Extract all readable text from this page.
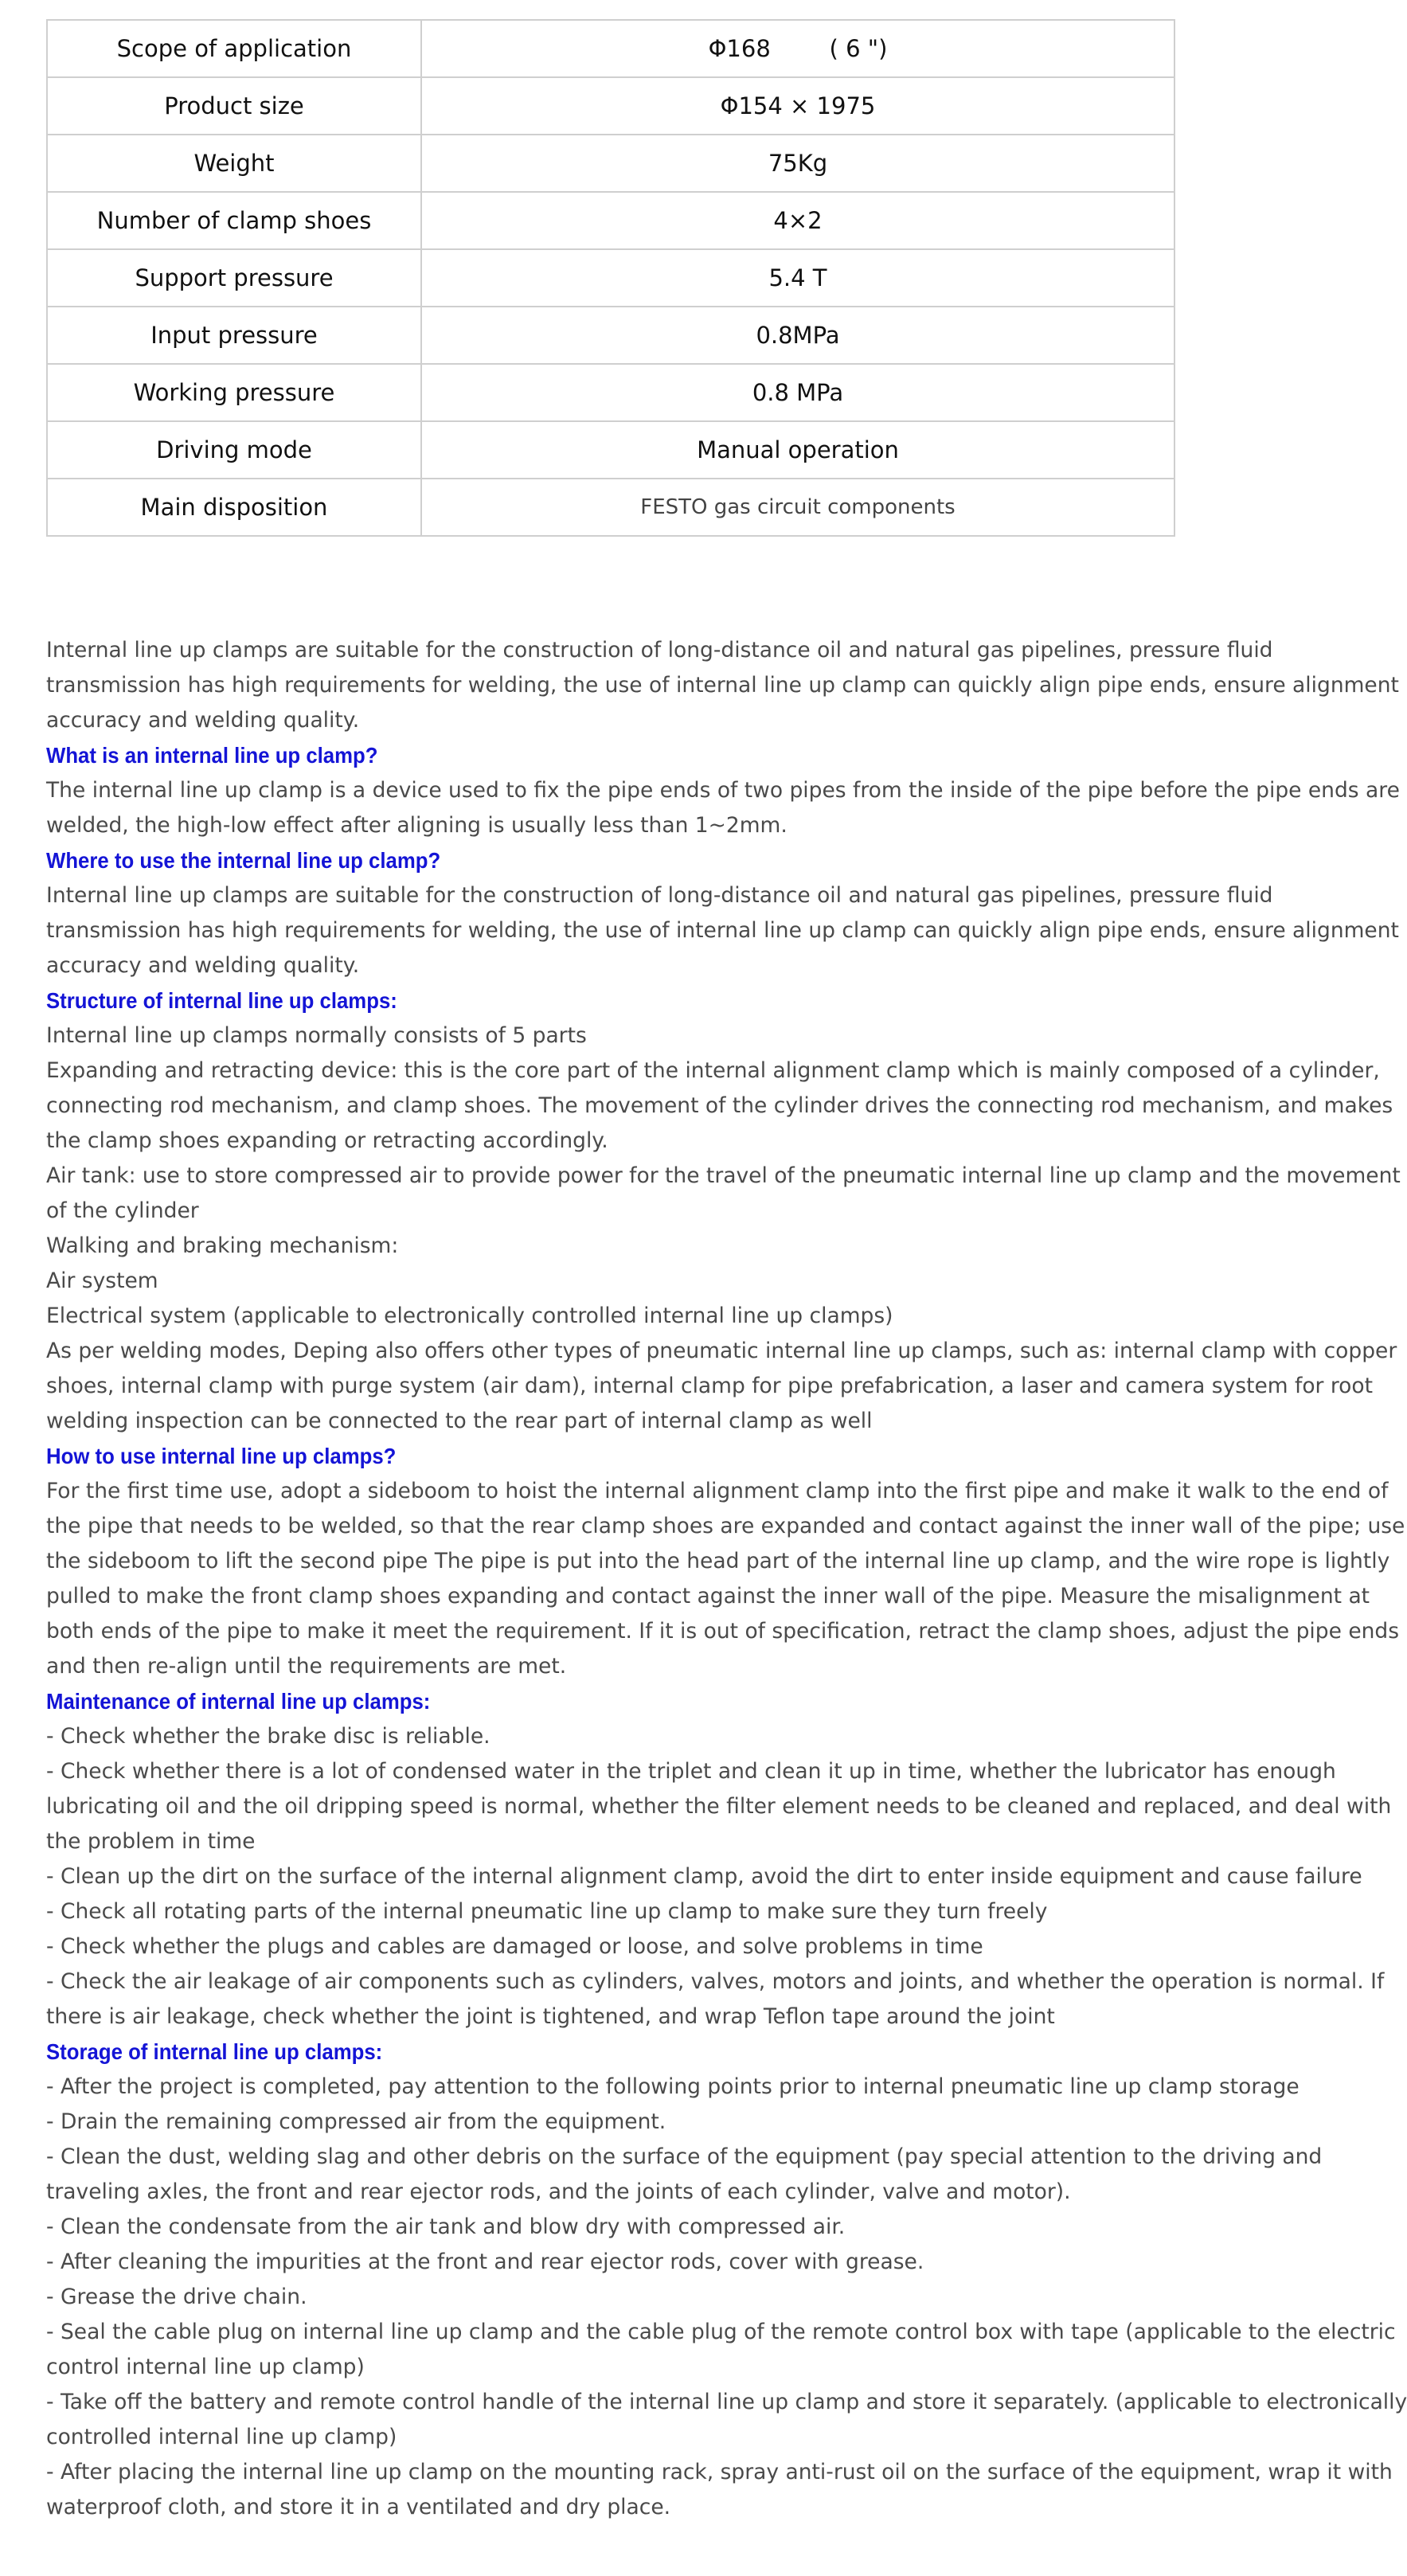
Scope of application	Φ168        ( 6 ")
Product size	Φ154 × 1975
Weight	75Kg
Number of clamp shoes	4×2
Support pressure	5.4 T
Input pressure	0.8MPa
Working pressure	0.8 MPa
Driving mode	Manual operation
Main disposition	FESTO gas circuit components

Internal line up clamps are suitable for the construction of long-distance oil and natural gas pipelines, pressure fluid

transmission has high requirements for welding, the use of internal line up clamp can quickly align pipe ends, ensure alignment

accuracy and welding quality.

What is an internal line up clamp?

The internal line up clamp is a device used to fix the pipe ends of two pipes from the inside of the pipe before the pipe ends are

welded, the high-low effect after aligning is usually less than 1~2mm.

Where to use the internal line up clamp?

Internal line up clamps are suitable for the construction of long-distance oil and natural gas pipelines, pressure fluid

transmission has high requirements for welding, the use of internal line up clamp can quickly align pipe ends, ensure alignment

accuracy and welding quality.

Structure of internal line up clamps:

Internal line up clamps normally consists of 5 parts

Expanding and retracting device: this is the core part of the internal alignment clamp which is mainly composed of a cylinder,

connecting rod mechanism, and clamp shoes. The movement of the cylinder drives the connecting rod mechanism, and makes

the clamp shoes expanding or retracting accordingly.

Air tank: use to store compressed air to provide power for the travel of the pneumatic internal line up clamp and the movement

of the cylinder

Walking and braking mechanism:

Air system

Electrical system (applicable to electronically controlled internal line up clamps)

As per welding modes, Deping also offers other types of pneumatic internal line up clamps, such as: internal clamp with copper

shoes, internal clamp with purge system (air dam), internal clamp for pipe prefabrication, a laser and camera system for root

welding inspection can be connected to the rear part of internal clamp as well

How to use internal line up clamps?

For the first time use, adopt a sideboom to hoist the internal alignment clamp into the first pipe and make it walk to the end of

the pipe that needs to be welded, so that the rear clamp shoes are expanded and contact against the inner wall of the pipe; use

the sideboom to lift the second pipe The pipe is put into the head part of the internal line up clamp, and the wire rope is lightly

pulled to make the front clamp shoes expanding and contact against the inner wall of the pipe. Measure the misalignment at

both ends of the pipe to make it meet the requirement. If it is out of specification, retract the clamp shoes, adjust the pipe ends

and then re-align until the requirements are met.

Maintenance of internal line up clamps:

- Check whether the brake disc is reliable.

- Check whether there is a lot of condensed water in the triplet and clean it up in time, whether the lubricator has enough

lubricating oil and the oil dripping speed is normal, whether the filter element needs to be cleaned and replaced, and deal with

the problem in time

- Clean up the dirt on the surface of the internal alignment clamp, avoid the dirt to enter inside equipment and cause failure

- Check all rotating parts of the internal pneumatic line up clamp to make sure they turn freely

- Check whether the plugs and cables are damaged or loose, and solve problems in time

- Check the air leakage of air components such as cylinders, valves, motors and joints, and whether the operation is normal. If

there is air leakage, check whether the joint is tightened, and wrap Teflon tape around the joint

Storage of internal line up clamps:

- After the project is completed, pay attention to the following points prior to internal pneumatic line up clamp storage

- Drain the remaining compressed air from the equipment.

- Clean the dust, welding slag and other debris on the surface of the equipment (pay special attention to the driving and

traveling axles, the front and rear ejector rods, and the joints of each cylinder, valve and motor).

- Clean the condensate from the air tank and blow dry with compressed air.

- After cleaning the impurities at the front and rear ejector rods, cover with grease.

- Grease the drive chain.

- Seal the cable plug on internal line up clamp and the cable plug of the remote control box with tape (applicable to the electric

control internal line up clamp)

- Take off the battery and remote control handle of the internal line up clamp and store it separately. (applicable to electronically

controlled internal line up clamp)

- After placing the internal line up clamp on the mounting rack, spray anti-rust oil on the surface of the equipment, wrap it with

waterproof cloth, and store it in a ventilated and dry place.
